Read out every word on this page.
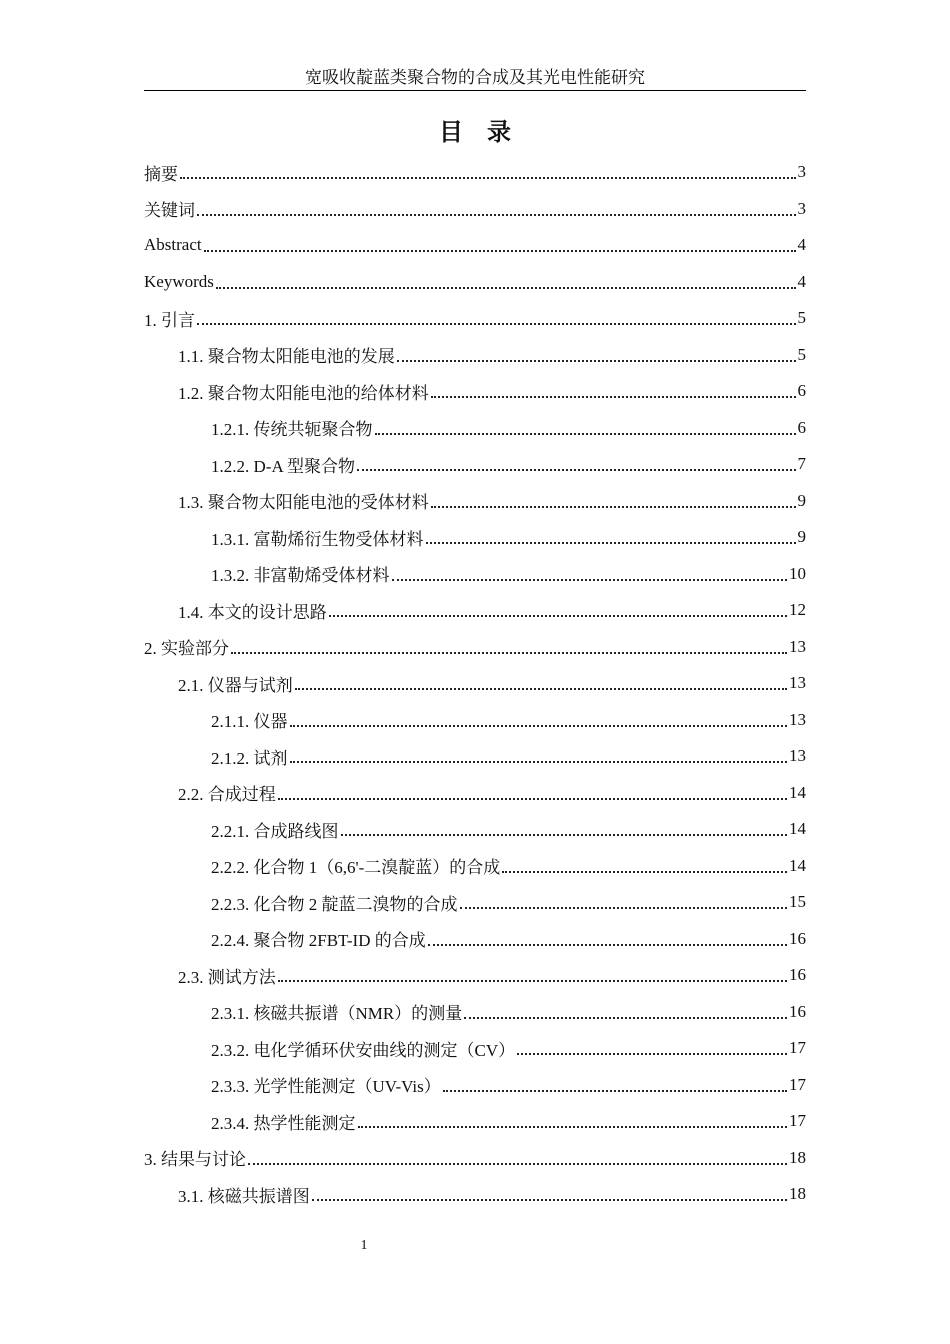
宽吸收靛蓝类聚合物的合成及其光电性能研究
目　录
摘要	3
关键词	3
Abstract	4
Keywords	4
1. 引言	5
1.1. 聚合物太阳能电池的发展	5
1.2. 聚合物太阳能电池的给体材料	6
1.2.1. 传统共轭聚合物	6
1.2.2. D-A 型聚合物	7
1.3. 聚合物太阳能电池的受体材料	9
1.3.1. 富勒烯衍生物受体材料	9
1.3.2. 非富勒烯受体材料	10
1.4. 本文的设计思路	12
2. 实验部分	13
2.1. 仪器与试剂	13
2.1.1. 仪器	13
2.1.2. 试剂	13
2.2. 合成过程	14
2.2.1. 合成路线图	14
2.2.2. 化合物 1（6,6'-二溴靛蓝）的合成	14
2.2.3. 化合物 2 靛蓝二溴物的合成	15
2.2.4. 聚合物 2FBT-ID 的合成	16
2.3. 测试方法	16
2.3.1. 核磁共振谱（NMR）的测量	16
2.3.2. 电化学循环伏安曲线的测定（CV）	17
2.3.3. 光学性能测定（UV-Vis）	17
2.3.4. 热学性能测定	17
3. 结果与讨论	18
3.1. 核磁共振谱图	18
1
